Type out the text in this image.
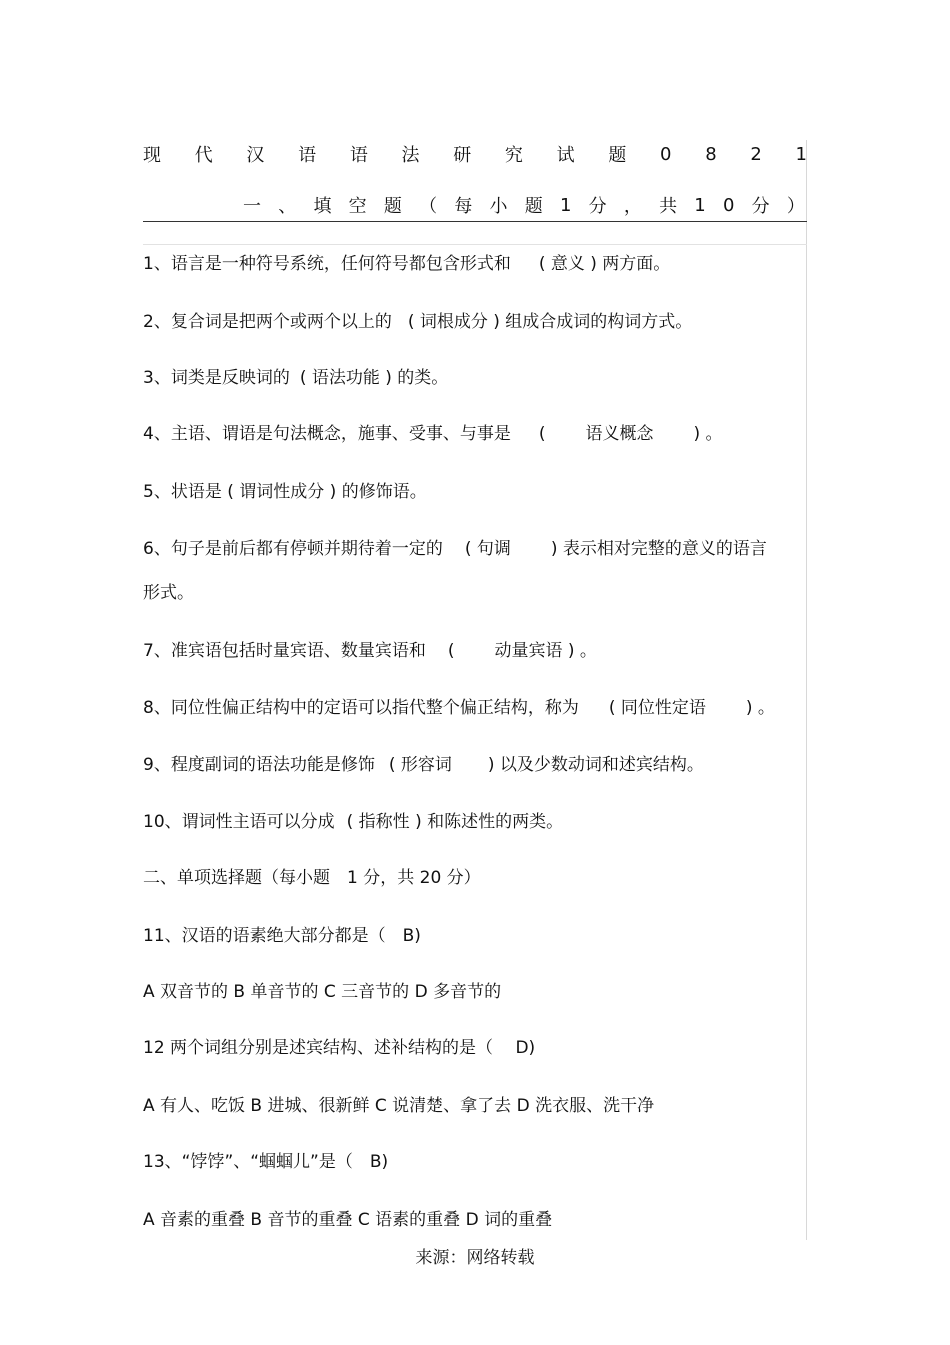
现 代 汉 语 语 法 研 究 试 题 0 8 2 1
一 、 填 空 题 （ 每 小 题 1 分 ， 共 1 0 分 ）
1、语言是一种符号系统，任何符号都包含形式和 ( 意义 ) 两方面。
2、复合词是把两个或两个以上的 ( 词根成分 ) 组成合成词的构词方式。
3、词类是反映词的 ( 语法功能 ) 的类。
4、主语、谓语是句法概念，施事、受事、与事是 ( 语义概念 ) 。
5、状语是 ( 谓词性成分 ) 的修饰语。
6、句子是前后都有停顿并期待着一定的 ( 句调 ) 表示相对完整的意义的语言
形式。
7、准宾语包括时量宾语、数量宾语和 ( 动量宾语 ) 。
8、同位性偏正结构中的定语可以指代整个偏正结构，称为 ( 同位性定语 ) 。
9、程度副词的语法功能是修饰 ( 形容词 ) 以及少数动词和述宾结构。
10、谓词性主语可以分成 ( 指称性 ) 和陈述性的两类。
二、单项选择题（每小题　1 分，共 20 分）
11、汉语的语素绝大部分都是（　B)
A 双音节的 B 单音节的 C 三音节的 D 多音节的
12 两个词组分别是述宾结构、述补结构的是（　 D)
A 有人、吃饭 B 进城、很新鲜 C 说清楚、拿了去 D 洗衣服、洗干净
13、“饽饽”、“蝈蝈儿”是（　B)
A 音素的重叠 B 音节的重叠 C 语素的重叠 D 词的重叠
来源：网络转载
